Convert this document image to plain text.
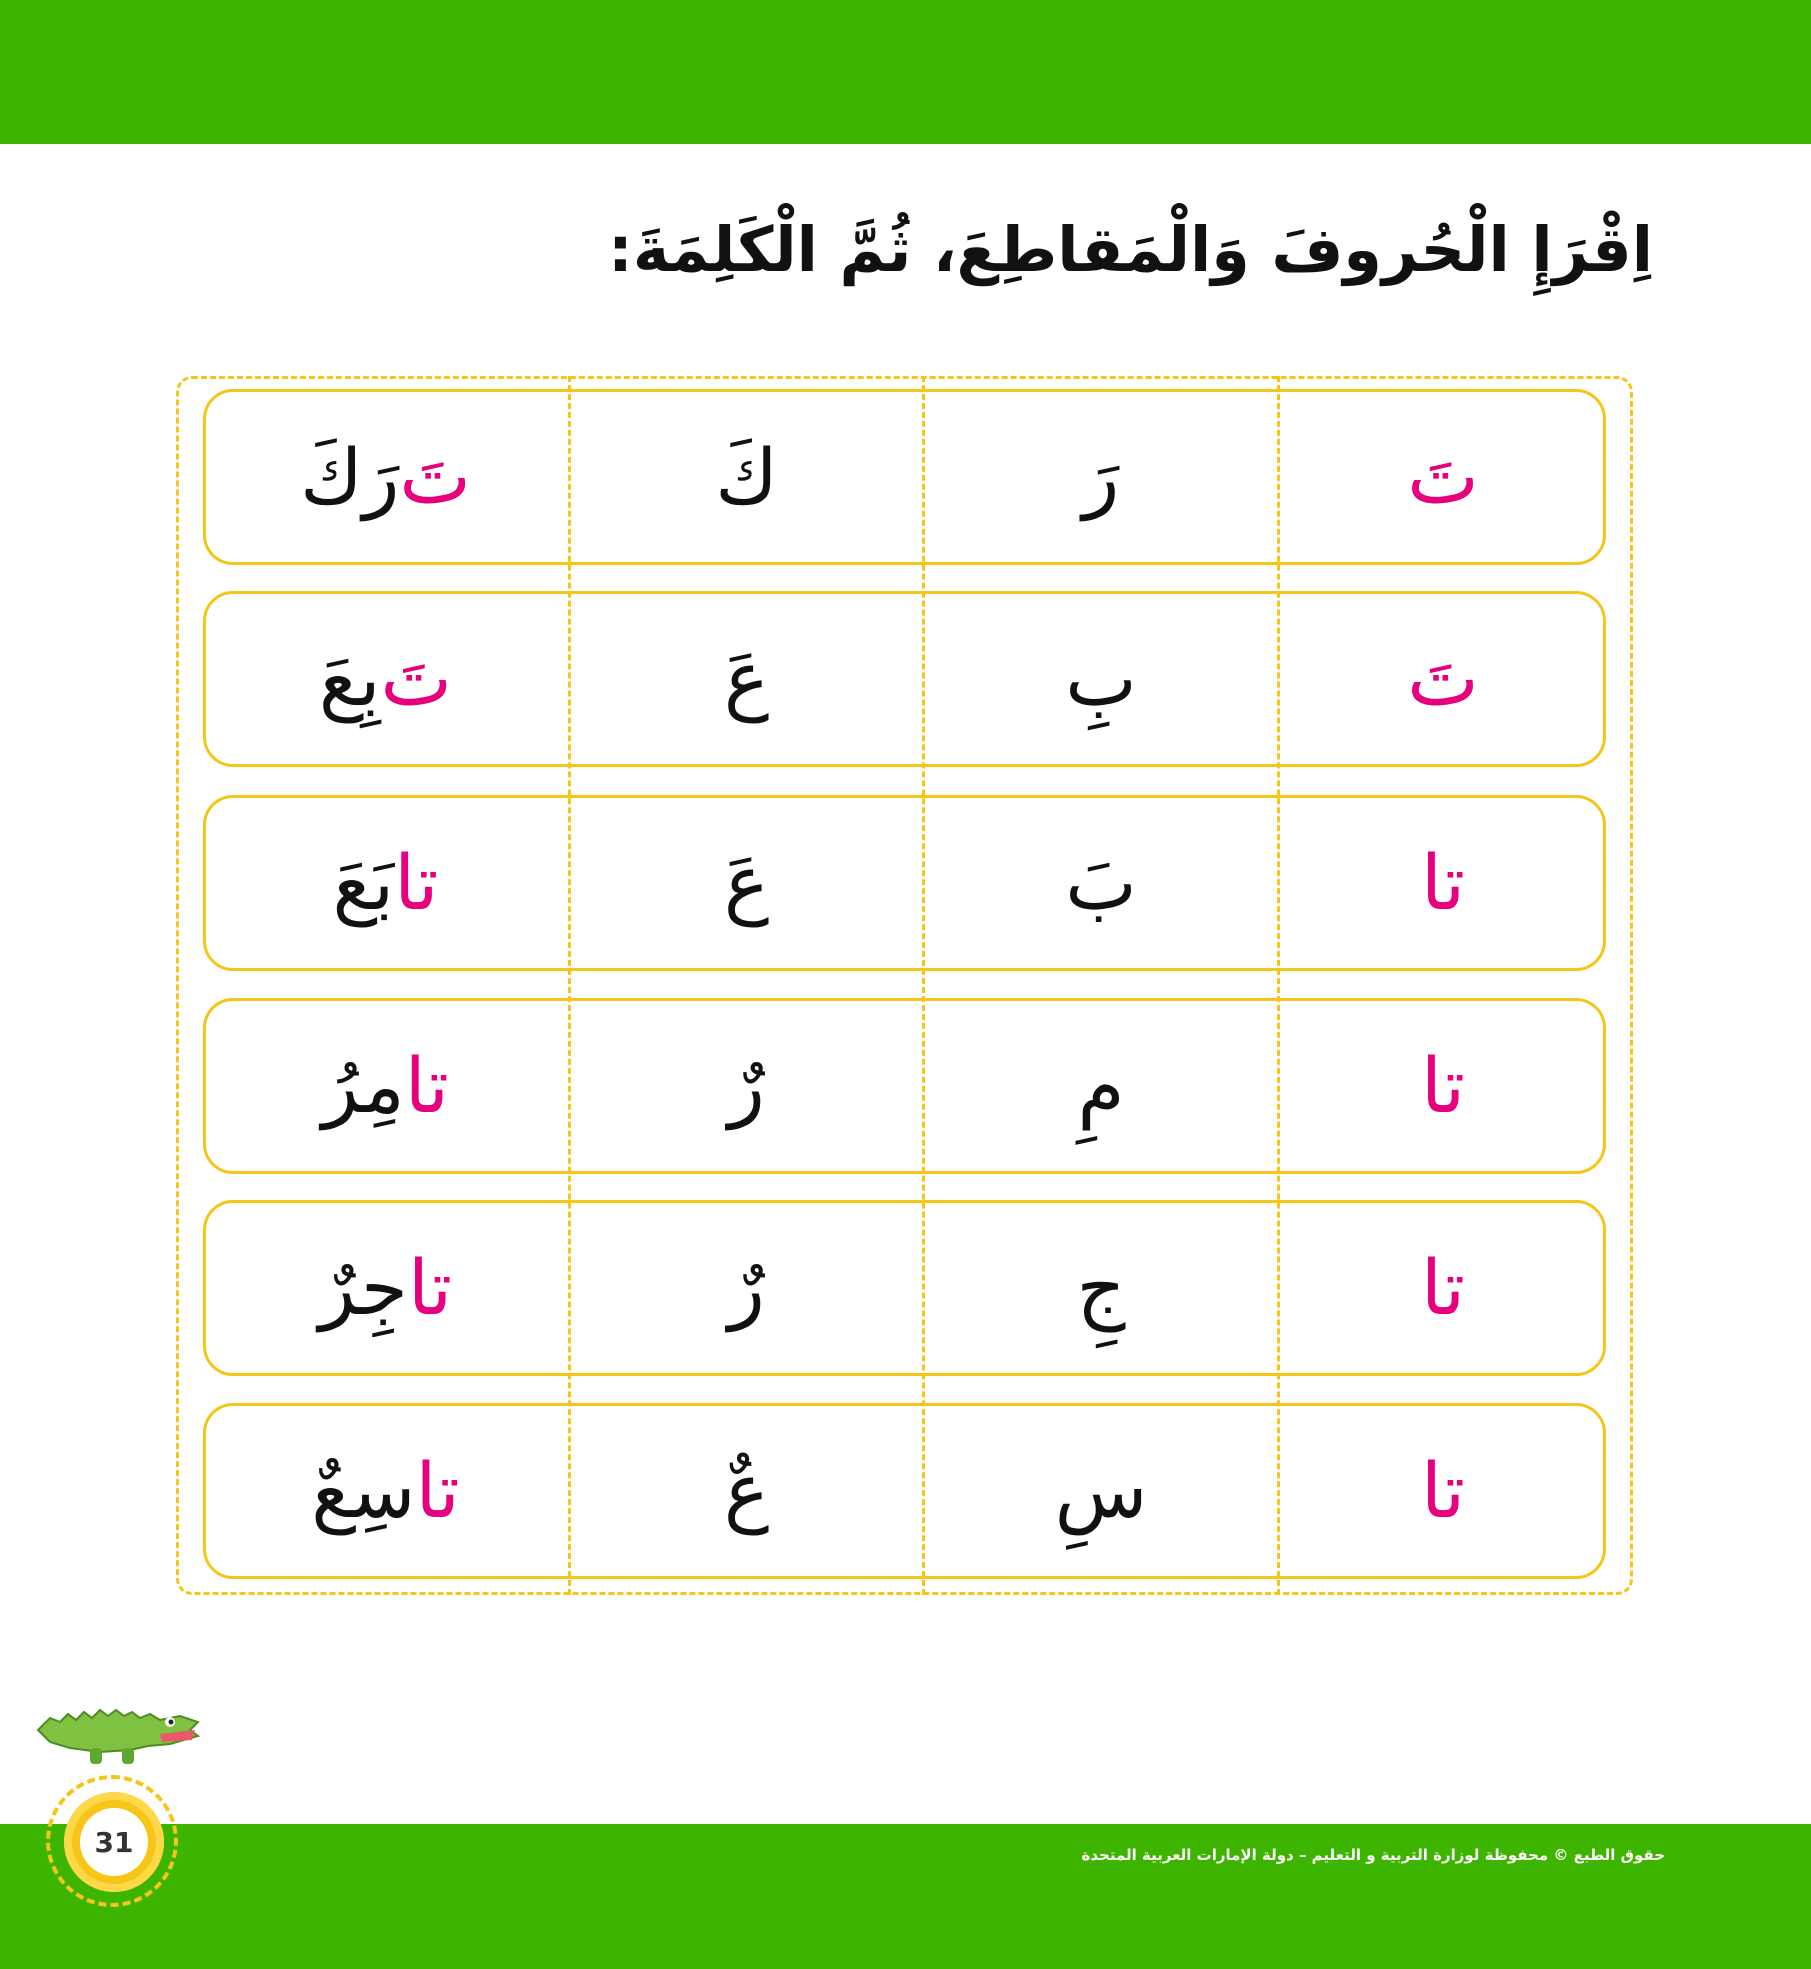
اِقْرَإِ الْحُروفَ وَالْمَقاطِعَ، ثُمَّ الْكَلِمَةَ:
تَ
رَ
كَ
تَ
رَكَ
تَ
بِ
عَ
تَ
بِعَ
تا
بَ
عَ
تا
بَعَ
تا
مِ
رٌ
تا
مِرُ
تا
جِ
رٌ
تا
جِرٌ
تا
سِ
عٌ
تا
سِعٌ
حقوق الطبع © محفوظة لوزارة التربية و التعليم – دولة الإمارات العربية المتحدة
31
